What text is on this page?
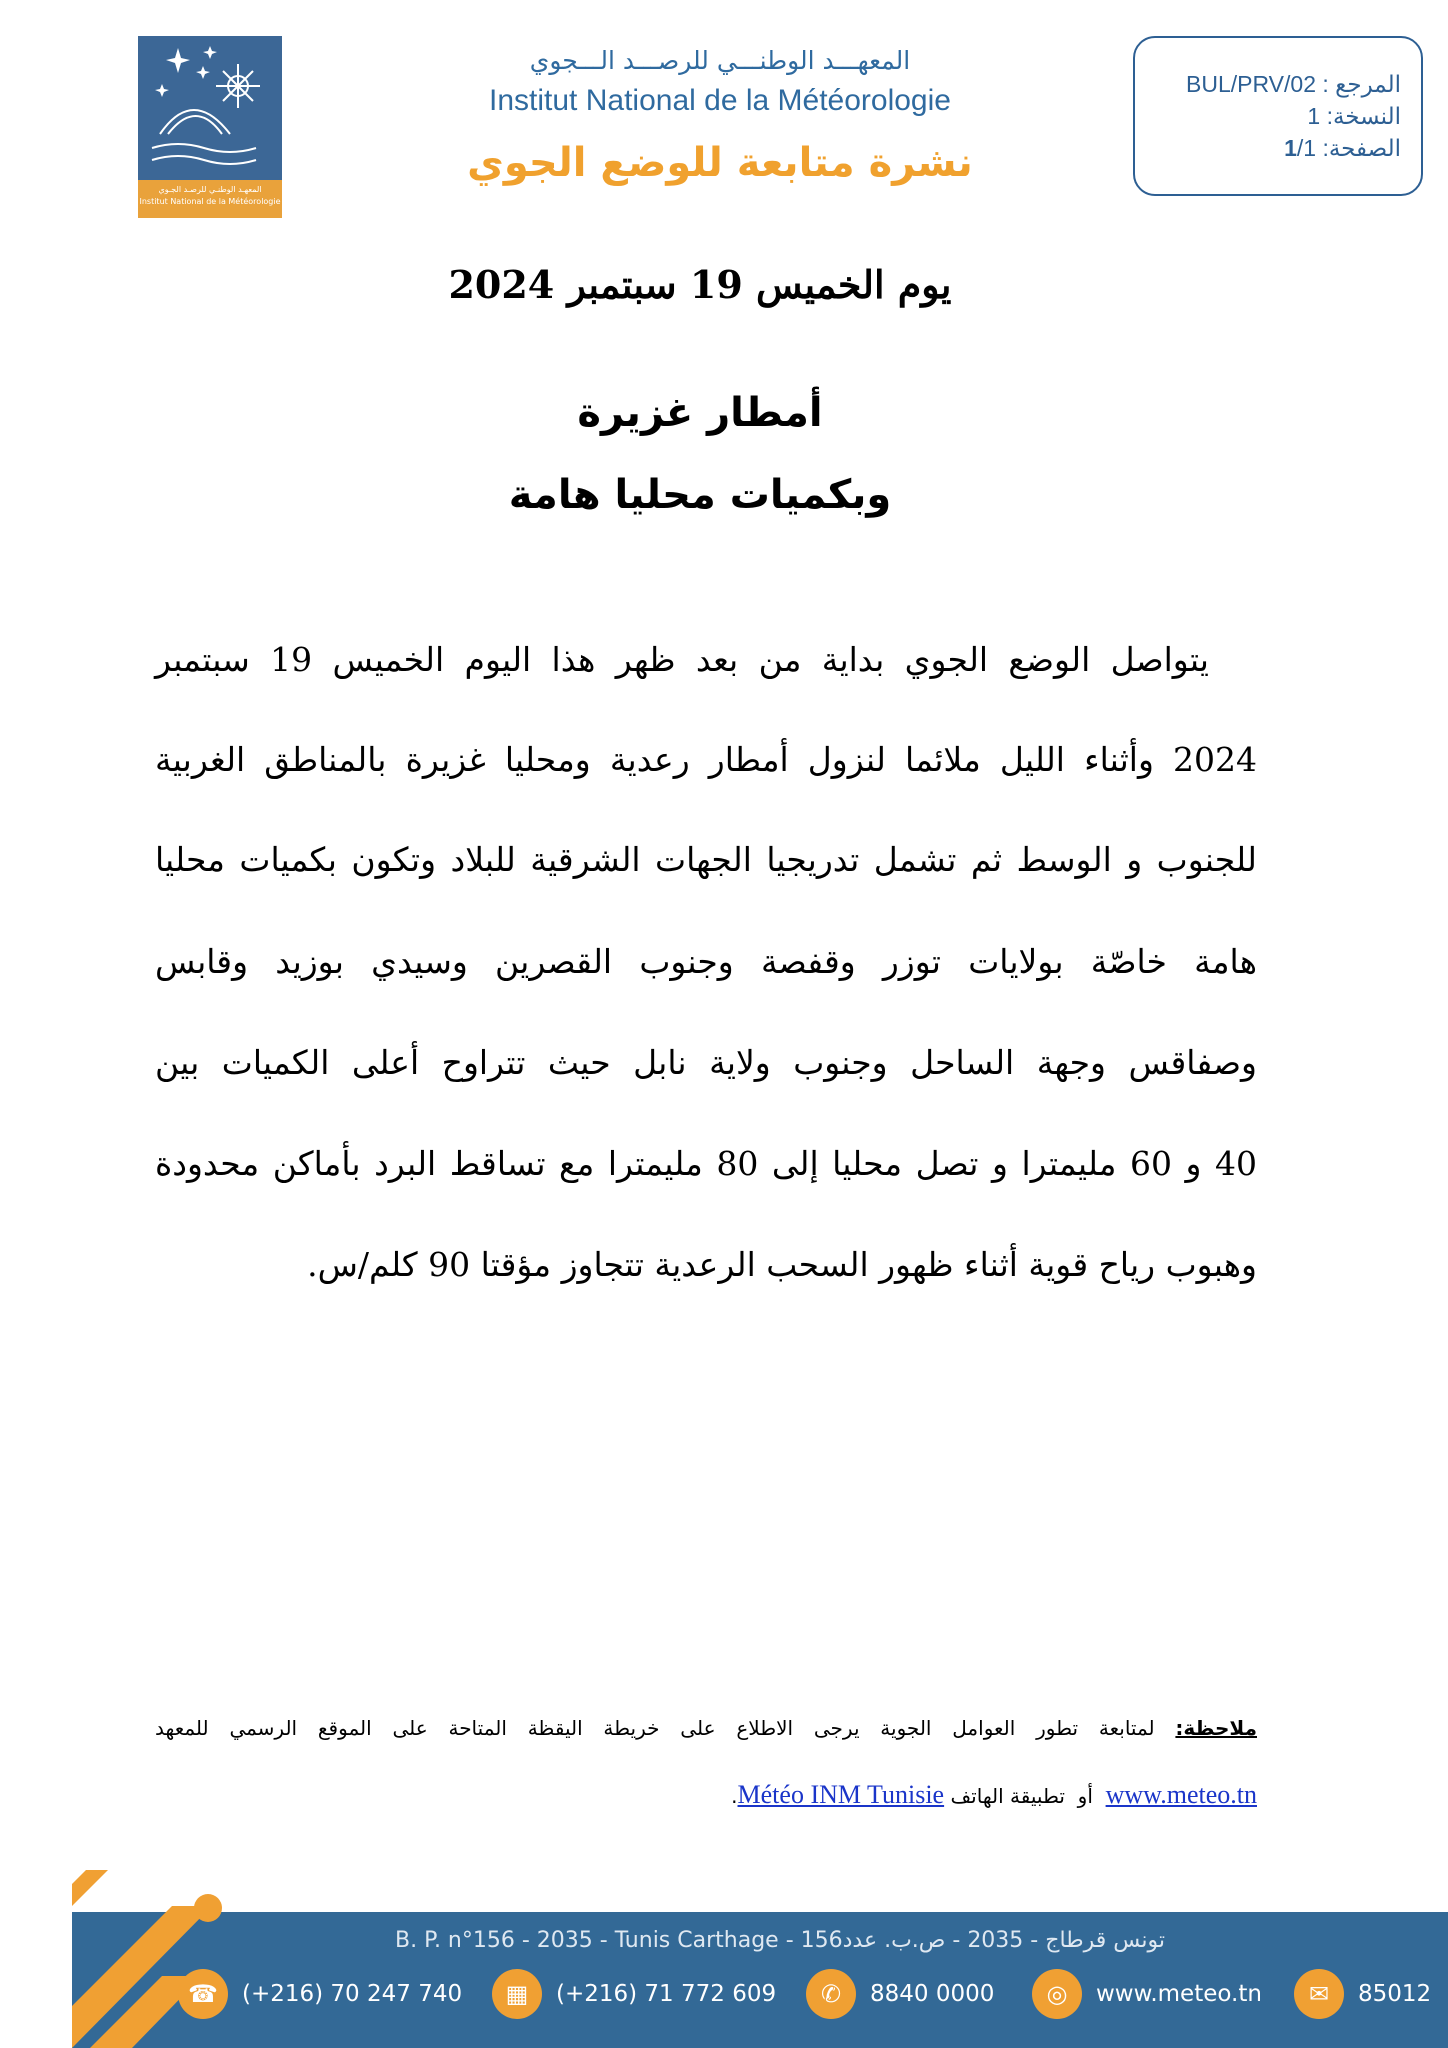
المعهـد الوطنـي للرصـد الجـوي
Institut National de la Météorologie
المعهـــد الوطنـــي للرصـــد الـــجوي
Institut National de la Météorologie
نشرة متابعة للوضع الجوي
المرجع : BUL/PRV/02
النسخة: 1
الصفحة: 1/1
يوم الخميس 19 سبتمبر 2024
أمطار غزيرة
وبكميات محليا هامة
يتواصل الوضع الجوي بداية من بعد ظهر هذا اليوم الخميس 19 سبتمبر
2024 وأثناء الليل ملائما لنزول أمطار رعدية ومحليا غزيرة بالمناطق الغربية
للجنوب و الوسط ثم تشمل تدريجيا الجهات الشرقية للبلاد وتكون بكميات محليا
هامة خاصّة بولايات توزر وقفصة وجنوب القصرين وسيدي بوزيد وقابس
وصفاقس وجهة الساحل وجنوب ولاية نابل حيث تتراوح أعلى الكميات بين
40 و 60 مليمترا و تصل محليا إلى 80 مليمترا مع تساقط البرد بأماكن محدودة
وهبوب رياح قوية أثناء ظهور السحب الرعدية تتجاوز مؤقتا 90 كلم/س.
ملاحظة: لمتابعة تطور العوامل الجوية يرجى الاطلاع على خريطة اليقظة المتاحة على الموقع الرسمي للمعهد
www.meteo.tn  أو  تطبيقة الهاتف Météo INM Tunisie.
B. P. n°156 - 2035 - Tunis Carthage - تونس قرطاج - 2035 - ص.ب. عدد156
☎	(+216) 70 247 740	▦	(+216) 71 772 609	✆	8840 0000	◎	www.meteo.tn	✉	85012
